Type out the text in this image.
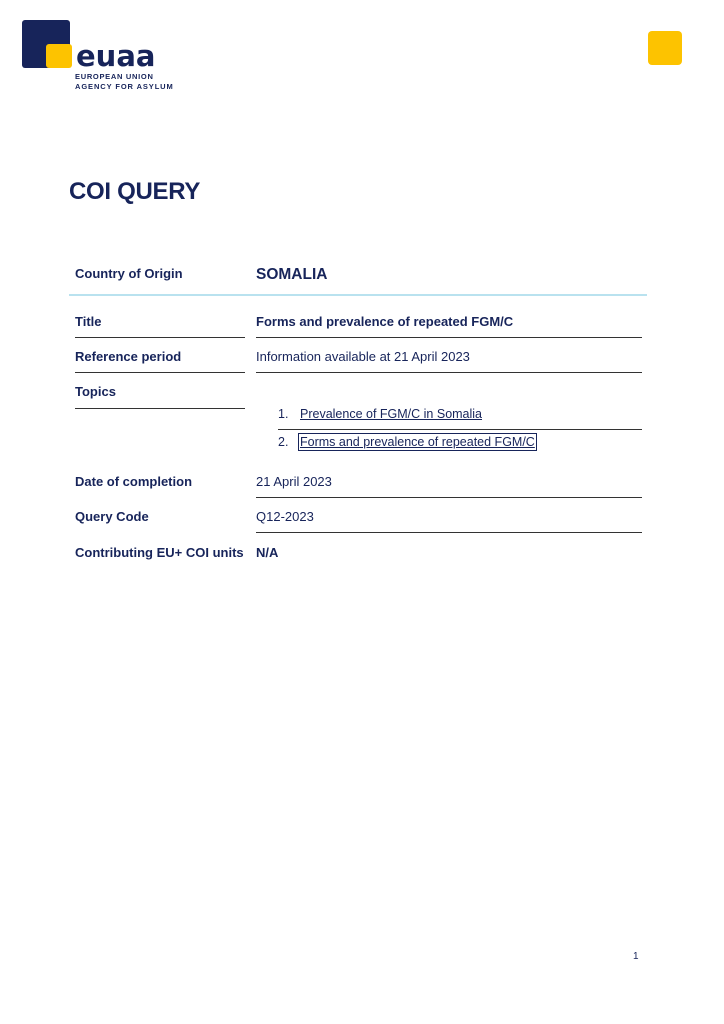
euaa
EUROPEAN UNION
AGENCY FOR ASYLUM
COI QUERY
Country of Origin	SOMALIA
Title	Forms and prevalence of repeated FGM/C
Reference period	Information available at 21 April 2023
Topics
1. Prevalence of FGM/C in Somalia
2. Forms and prevalence of repeated FGM/C
Date of completion	21 April 2023
Query Code	Q12-2023
Contributing EU+ COI units N/A
1
